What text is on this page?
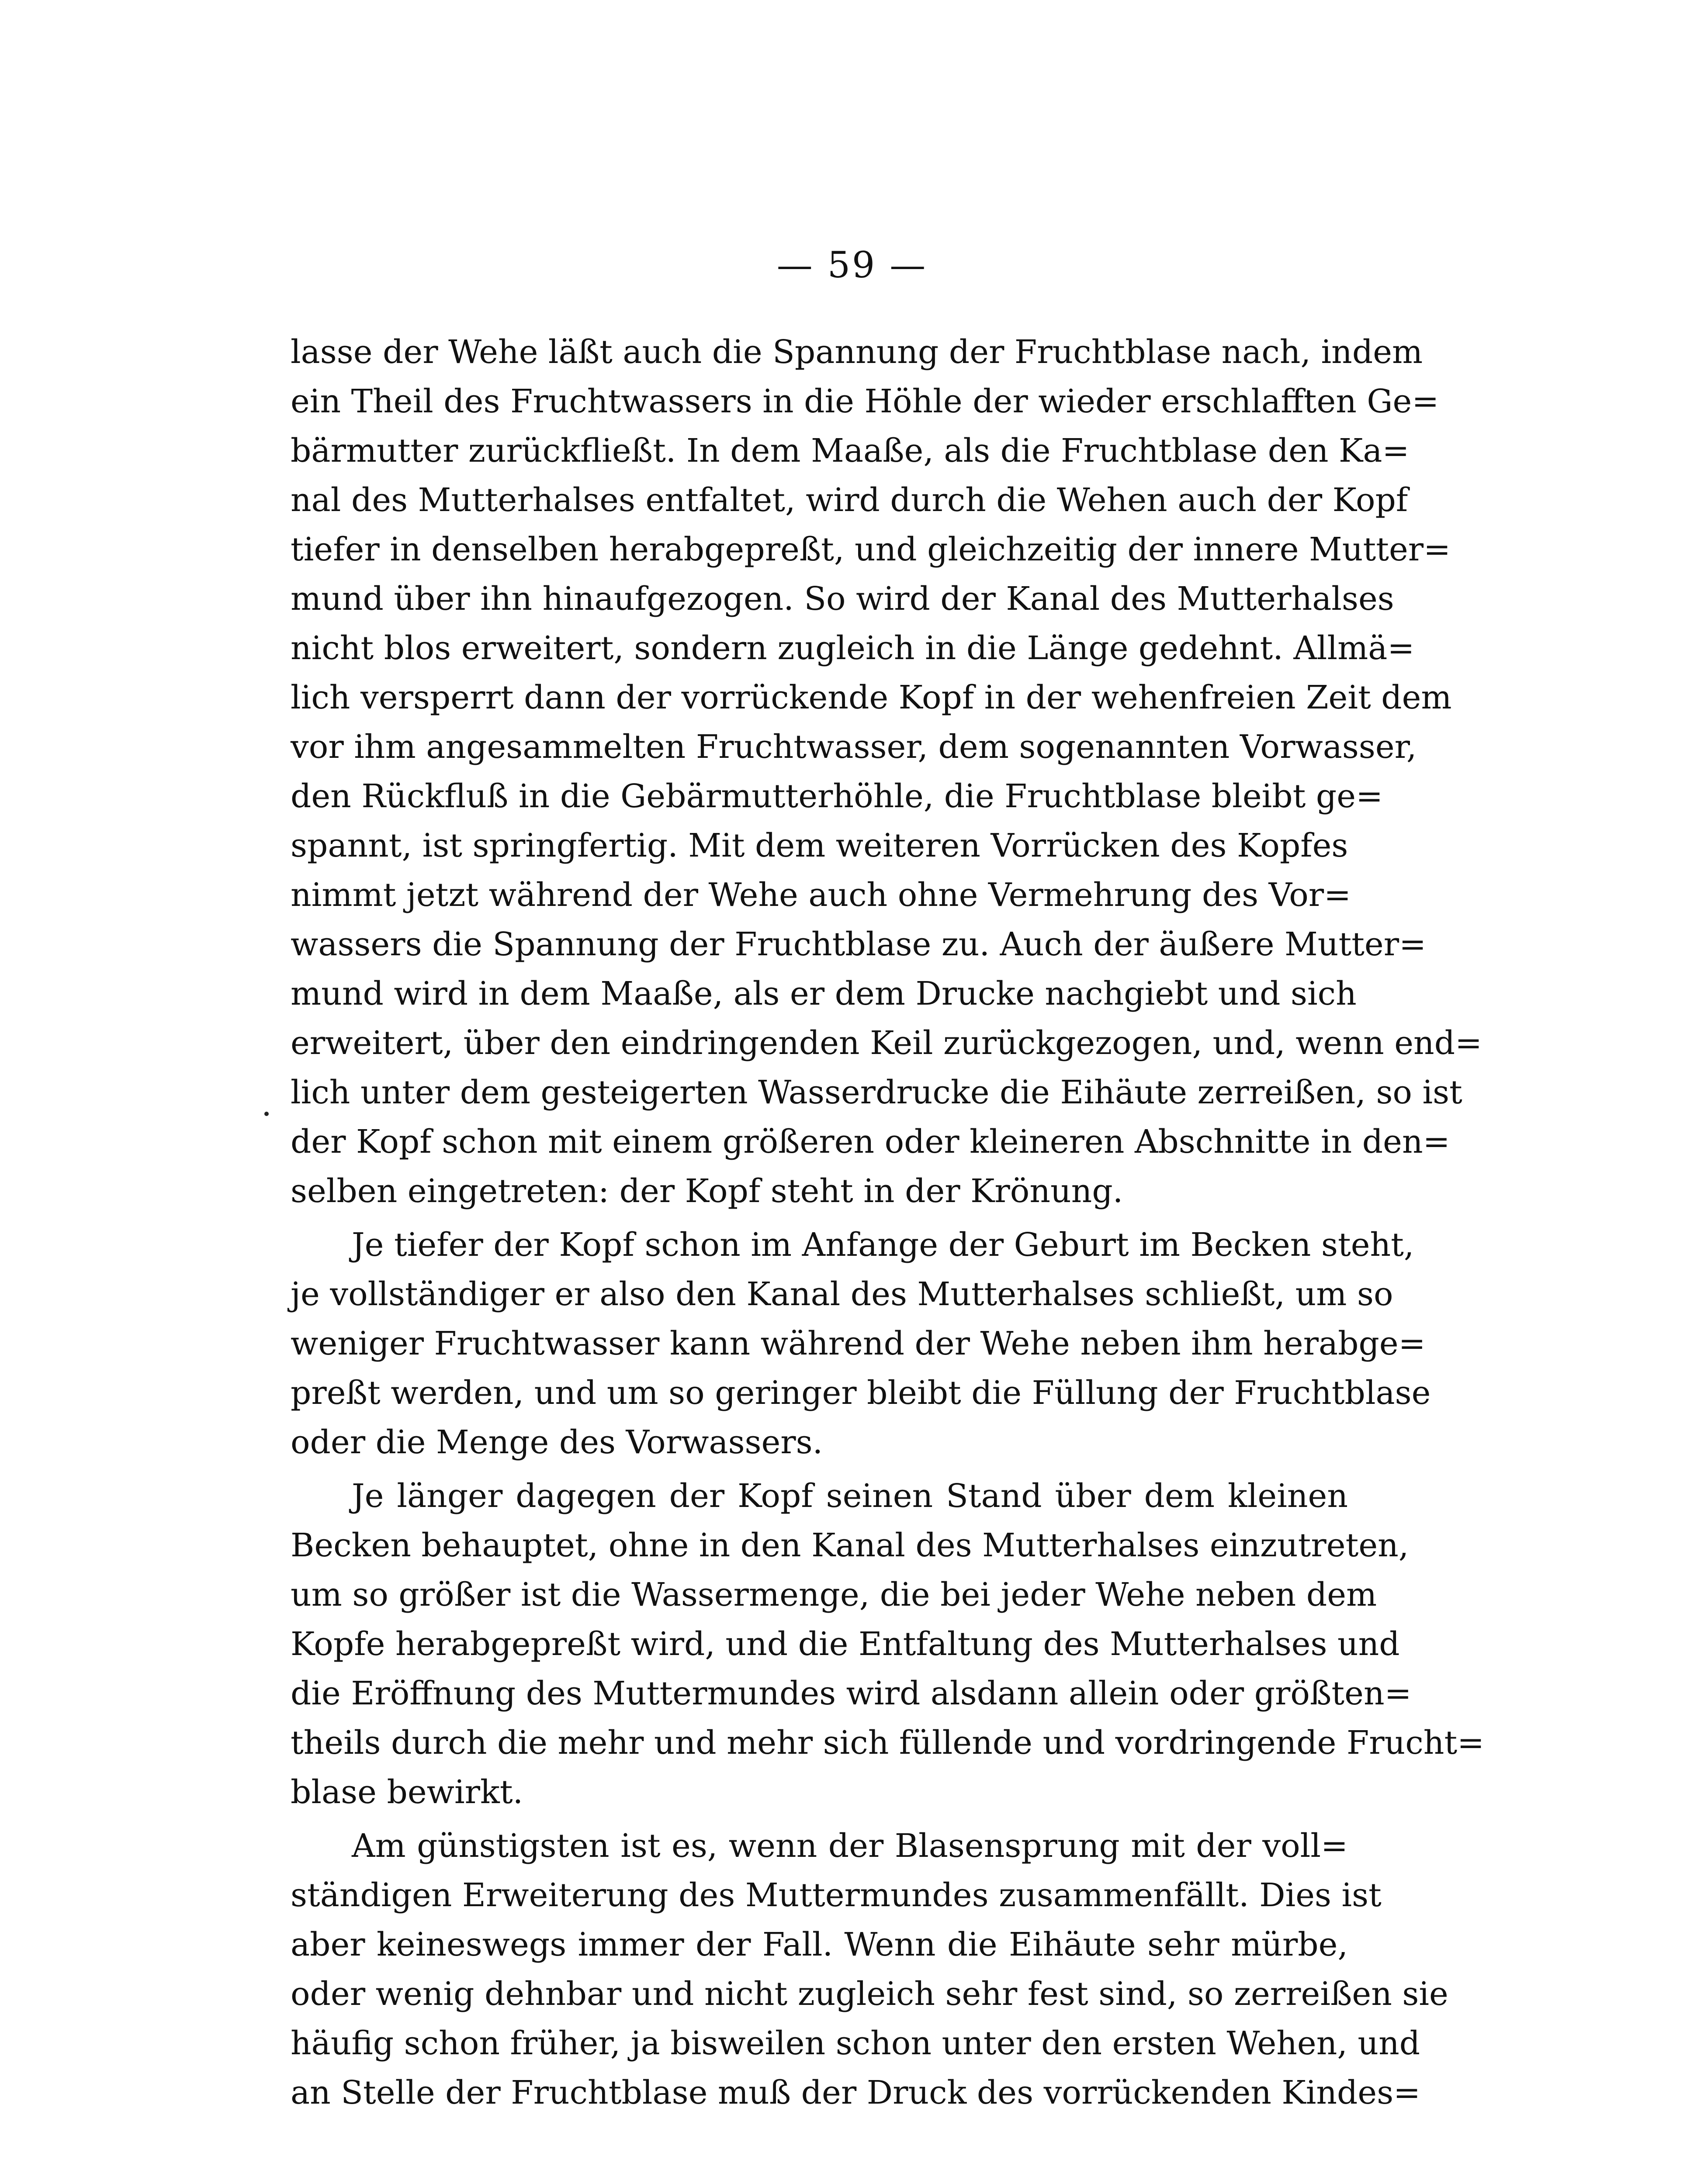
— 59 —
lasse der Wehe läßt auch die Spannung der Fruchtblase nach, indem
ein Theil des Fruchtwassers in die Höhle der wieder erschlafften Ge=
bärmutter zurückfließt. In dem Maaße, als die Fruchtblase den Ka=
nal des Mutterhalses entfaltet, wird durch die Wehen auch der Kopf
tiefer in denselben herabgepreßt, und gleichzeitig der innere Mutter=
mund über ihn hinaufgezogen. So wird der Kanal des Mutterhalses
nicht blos erweitert, sondern zugleich in die Länge gedehnt. Allmä=
lich versperrt dann der vorrückende Kopf in der wehenfreien Zeit dem
vor ihm angesammelten Fruchtwasser, dem sogenannten Vorwasser,
den Rückfluß in die Gebärmutterhöhle, die Fruchtblase bleibt ge=
spannt, ist springfertig. Mit dem weiteren Vorrücken des Kopfes
nimmt jetzt während der Wehe auch ohne Vermehrung des Vor=
wassers die Spannung der Fruchtblase zu. Auch der äußere Mutter=
mund wird in dem Maaße, als er dem Drucke nachgiebt und sich
erweitert, über den eindringenden Keil zurückgezogen, und, wenn end=
lich unter dem gesteigerten Wasserdrucke die Eihäute zerreißen, so ist
der Kopf schon mit einem größeren oder kleineren Abschnitte in den=
selben eingetreten: der Kopf steht in der Krönung.
Je tiefer der Kopf schon im Anfange der Geburt im Becken steht,
je vollständiger er also den Kanal des Mutterhalses schließt, um so
weniger Fruchtwasser kann während der Wehe neben ihm herabge=
preßt werden, und um so geringer bleibt die Füllung der Fruchtblase
oder die Menge des Vorwassers.
Je länger dagegen der Kopf seinen Stand über dem kleinen
Becken behauptet, ohne in den Kanal des Mutterhalses einzutreten,
um so größer ist die Wassermenge, die bei jeder Wehe neben dem
Kopfe herabgepreßt wird, und die Entfaltung des Mutterhalses und
die Eröffnung des Muttermundes wird alsdann allein oder größten=
theils durch die mehr und mehr sich füllende und vordringende Frucht=
blase bewirkt.
Am günstigsten ist es, wenn der Blasensprung mit der voll=
ständigen Erweiterung des Muttermundes zusammenfällt. Dies ist
aber keineswegs immer der Fall. Wenn die Eihäute sehr mürbe,
oder wenig dehnbar und nicht zugleich sehr fest sind, so zerreißen sie
häufig schon früher, ja bisweilen schon unter den ersten Wehen, und
an Stelle der Fruchtblase muß der Druck des vorrückenden Kindes=
